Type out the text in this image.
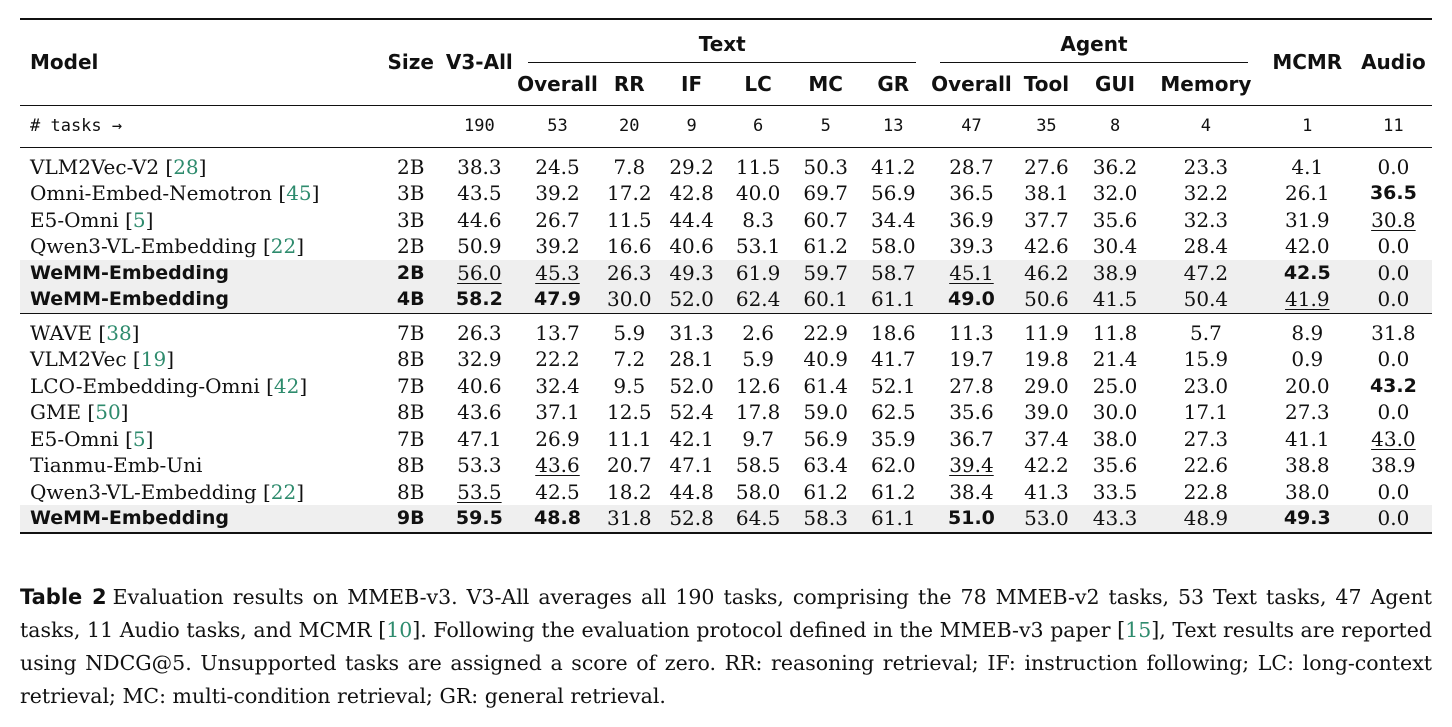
Model	Size	V3-All	Text						Agent				MCMR	Audio
			Overall	RR	IF	LC	MC	GR	Overall	Tool	GUI	Memory		
# tasks →		190	53	20	9	6	5	13	47	35	8	4	1	11
VLM2Vec-V2 [28]	2B	38.3	24.5	7.8	29.2	11.5	50.3	41.2	28.7	27.6	36.2	23.3	4.1	0.0
Omni-Embed-Nemotron [45]	3B	43.5	39.2	17.2	42.8	40.0	69.7	56.9	36.5	38.1	32.0	32.2	26.1	36.5
E5-Omni [5]	3B	44.6	26.7	11.5	44.4	8.3	60.7	34.4	36.9	37.7	35.6	32.3	31.9	30.8
Qwen3-VL-Embedding [22]	2B	50.9	39.2	16.6	40.6	53.1	61.2	58.0	39.3	42.6	30.4	28.4	42.0	0.0
WeMM-Embedding	2B	56.0	45.3	26.3	49.3	61.9	59.7	58.7	45.1	46.2	38.9	47.2	42.5	0.0
WeMM-Embedding	4B	58.2	47.9	30.0	52.0	62.4	60.1	61.1	49.0	50.6	41.5	50.4	41.9	0.0
WAVE [38]	7B	26.3	13.7	5.9	31.3	2.6	22.9	18.6	11.3	11.9	11.8	5.7	8.9	31.8
VLM2Vec [19]	8B	32.9	22.2	7.2	28.1	5.9	40.9	41.7	19.7	19.8	21.4	15.9	0.9	0.0
LCO-Embedding-Omni [42]	7B	40.6	32.4	9.5	52.0	12.6	61.4	52.1	27.8	29.0	25.0	23.0	20.0	43.2
GME [50]	8B	43.6	37.1	12.5	52.4	17.8	59.0	62.5	35.6	39.0	30.0	17.1	27.3	0.0
E5-Omni [5]	7B	47.1	26.9	11.1	42.1	9.7	56.9	35.9	36.7	37.4	38.0	27.3	41.1	43.0
Tianmu-Emb-Uni	8B	53.3	43.6	20.7	47.1	58.5	63.4	62.0	39.4	42.2	35.6	22.6	38.8	38.9
Qwen3-VL-Embedding [22]	8B	53.5	42.5	18.2	44.8	58.0	61.2	61.2	38.4	41.3	33.5	22.8	38.0	0.0
WeMM-Embedding	9B	59.5	48.8	31.8	52.8	64.5	58.3	61.1	51.0	53.0	43.3	48.9	49.3	0.0
Table 2 Evaluation results on MMEB-v3. V3-All averages all 190 tasks, comprising the 78 MMEB-v2 tasks, 53 Text tasks, 47 Agent tasks, 11 Audio tasks, and MCMR [10]. Following the evaluation protocol defined in the MMEB-v3 paper [15], Text results are reported using NDCG@5. Unsupported tasks are assigned a score of zero. RR: reasoning retrieval; IF: instruction following; LC: long-context retrieval; MC: multi-condition retrieval; GR: general retrieval.
